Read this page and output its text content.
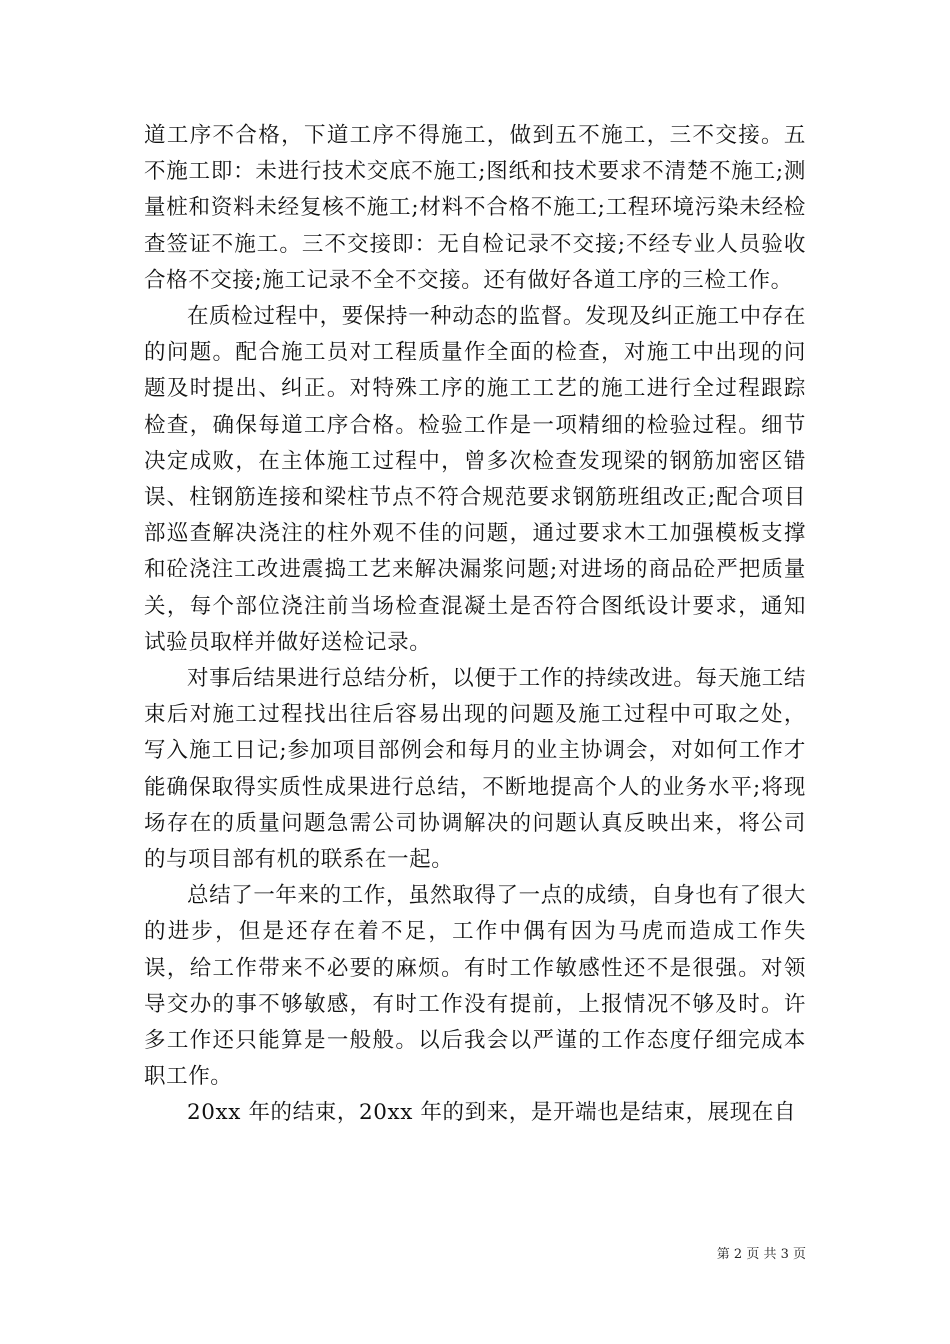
道工序不合格，下道工序不得施工，做到五不施工，三不交接。五不施工即：未进行技术交底不施工;图纸和技术要求不清楚不施工;测量桩和资料未经复核不施工;材料不合格不施工;工程环境污染未经检查签证不施工。三不交接即：无自检记录不交接;不经专业人员验收合格不交接;施工记录不全不交接。还有做好各道工序的三检工作。

在质检过程中，要保持一种动态的监督。发现及纠正施工中存在的问题。配合施工员对工程质量作全面的检查，对施工中出现的问题及时提出、纠正。对特殊工序的施工工艺的施工进行全过程跟踪检查，确保每道工序合格。检验工作是一项精细的检验过程。细节决定成败，在主体施工过程中，曾多次检查发现梁的钢筋加密区错误、柱钢筋连接和梁柱节点不符合规范要求钢筋班组改正;配合项目部巡查解决浇注的柱外观不佳的问题，通过要求木工加强模板支撑和砼浇注工改进震捣工艺来解决漏浆问题;对进场的商品砼严把质量关，每个部位浇注前当场检查混凝土是否符合图纸设计要求，通知试验员取样并做好送检记录。

对事后结果进行总结分析，以便于工作的持续改进。每天施工结束后对施工过程找出往后容易出现的问题及施工过程中可取之处，写入施工日记;参加项目部例会和每月的业主协调会，对如何工作才能确保取得实质性成果进行总结，不断地提高个人的业务水平;将现场存在的质量问题急需公司协调解决的问题认真反映出来，将公司的与项目部有机的联系在一起。

总结了一年来的工作，虽然取得了一点的成绩，自身也有了很大的进步，但是还存在着不足，工作中偶有因为马虎而造成工作失误，给工作带来不必要的麻烦。有时工作敏感性还不是很强。对领导交办的事不够敏感，有时工作没有提前，上报情况不够及时。许多工作还只能算是一般般。以后我会以严谨的工作态度仔细完成本职工作。

20xx 年的结束，20xx 年的到来，是开端也是结束，展现在自

第 2 页 共 3 页
